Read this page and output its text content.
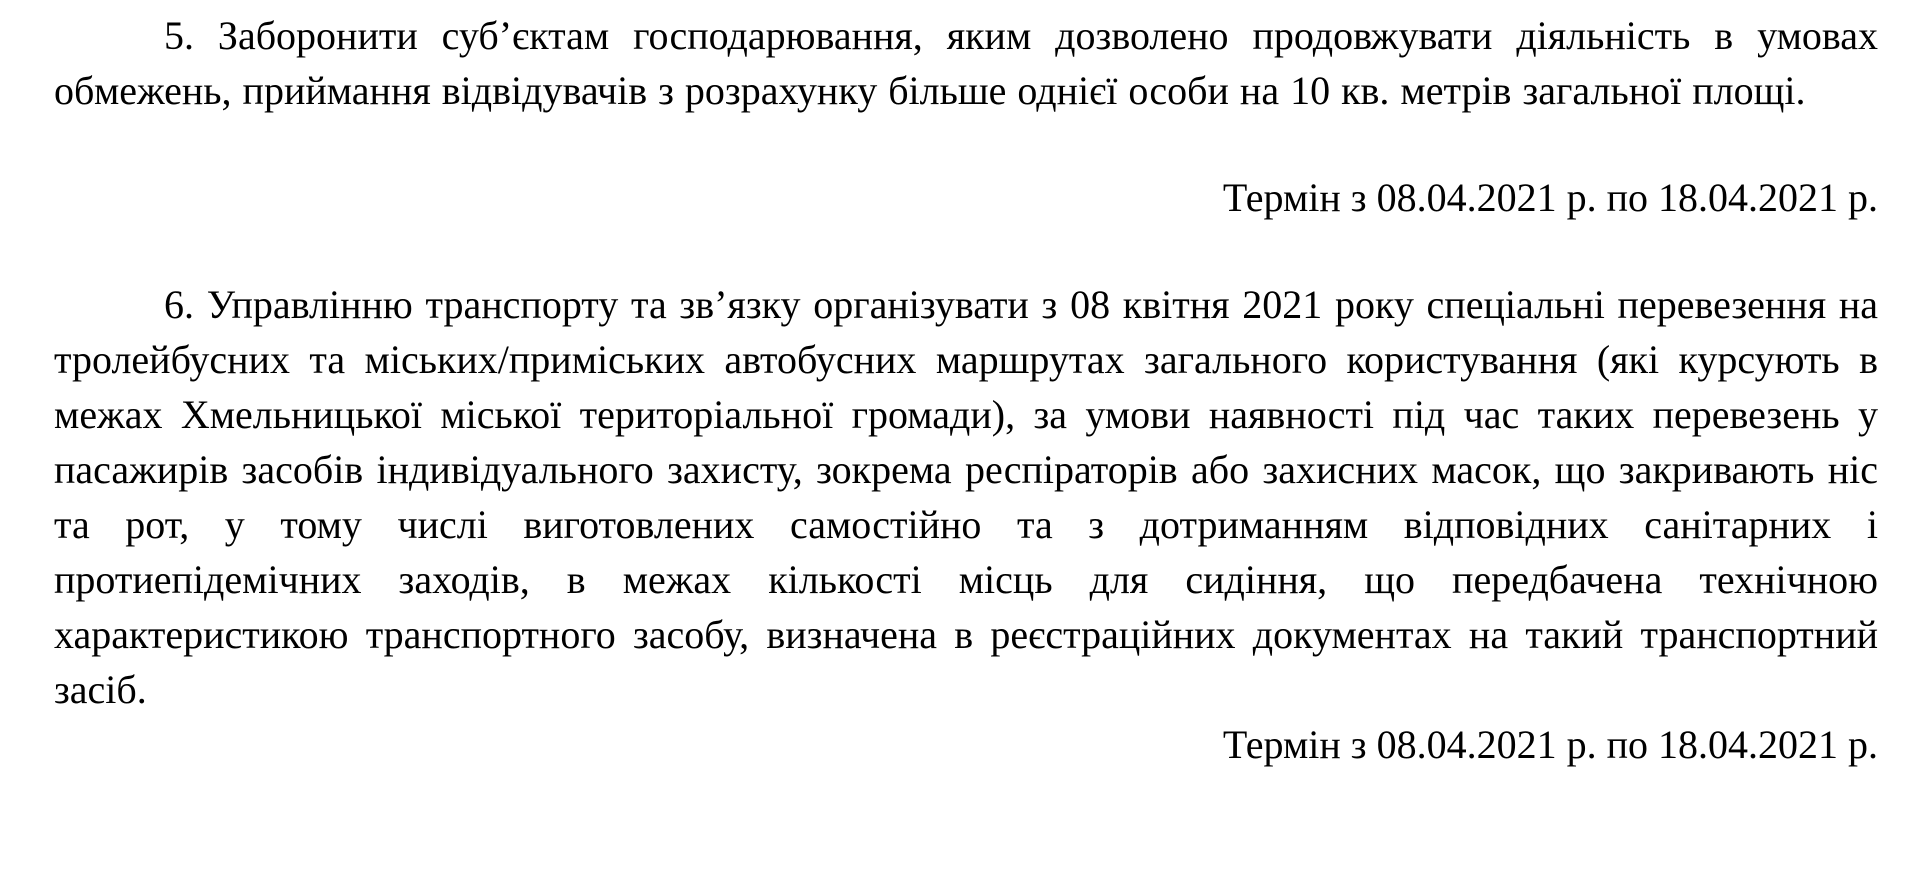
5. Заборонити суб’єктам господарювання, яким дозволено продовжувати діяльність в умовах обмежень, приймання відвідувачів з розрахунку більше однієї особи на 10 кв. метрів загальної площі.

Термін з 08.04.2021 р. по 18.04.2021 р.

6. Управлінню транспорту та зв’язку організувати з 08 квітня 2021 року спеціальні перевезення на тролейбусних та міських/приміських автобусних маршрутах загального користування (які курсують в межах Хмельницької міської територіальної громади), за умови наявності під час таких перевезень у пасажирів засобів індивідуального захисту, зокрема респіраторів або захисних масок, що закривають ніс та рот, у тому числі виготовлених самостійно та з дотриманням відповідних санітарних і протиепідемічних заходів, в межах кількості місць для сидіння, що передбачена технічною характеристикою транспортного засобу, визначена в реєстраційних документах на такий транспортний засіб.

Термін з 08.04.2021 р. по 18.04.2021 р.
